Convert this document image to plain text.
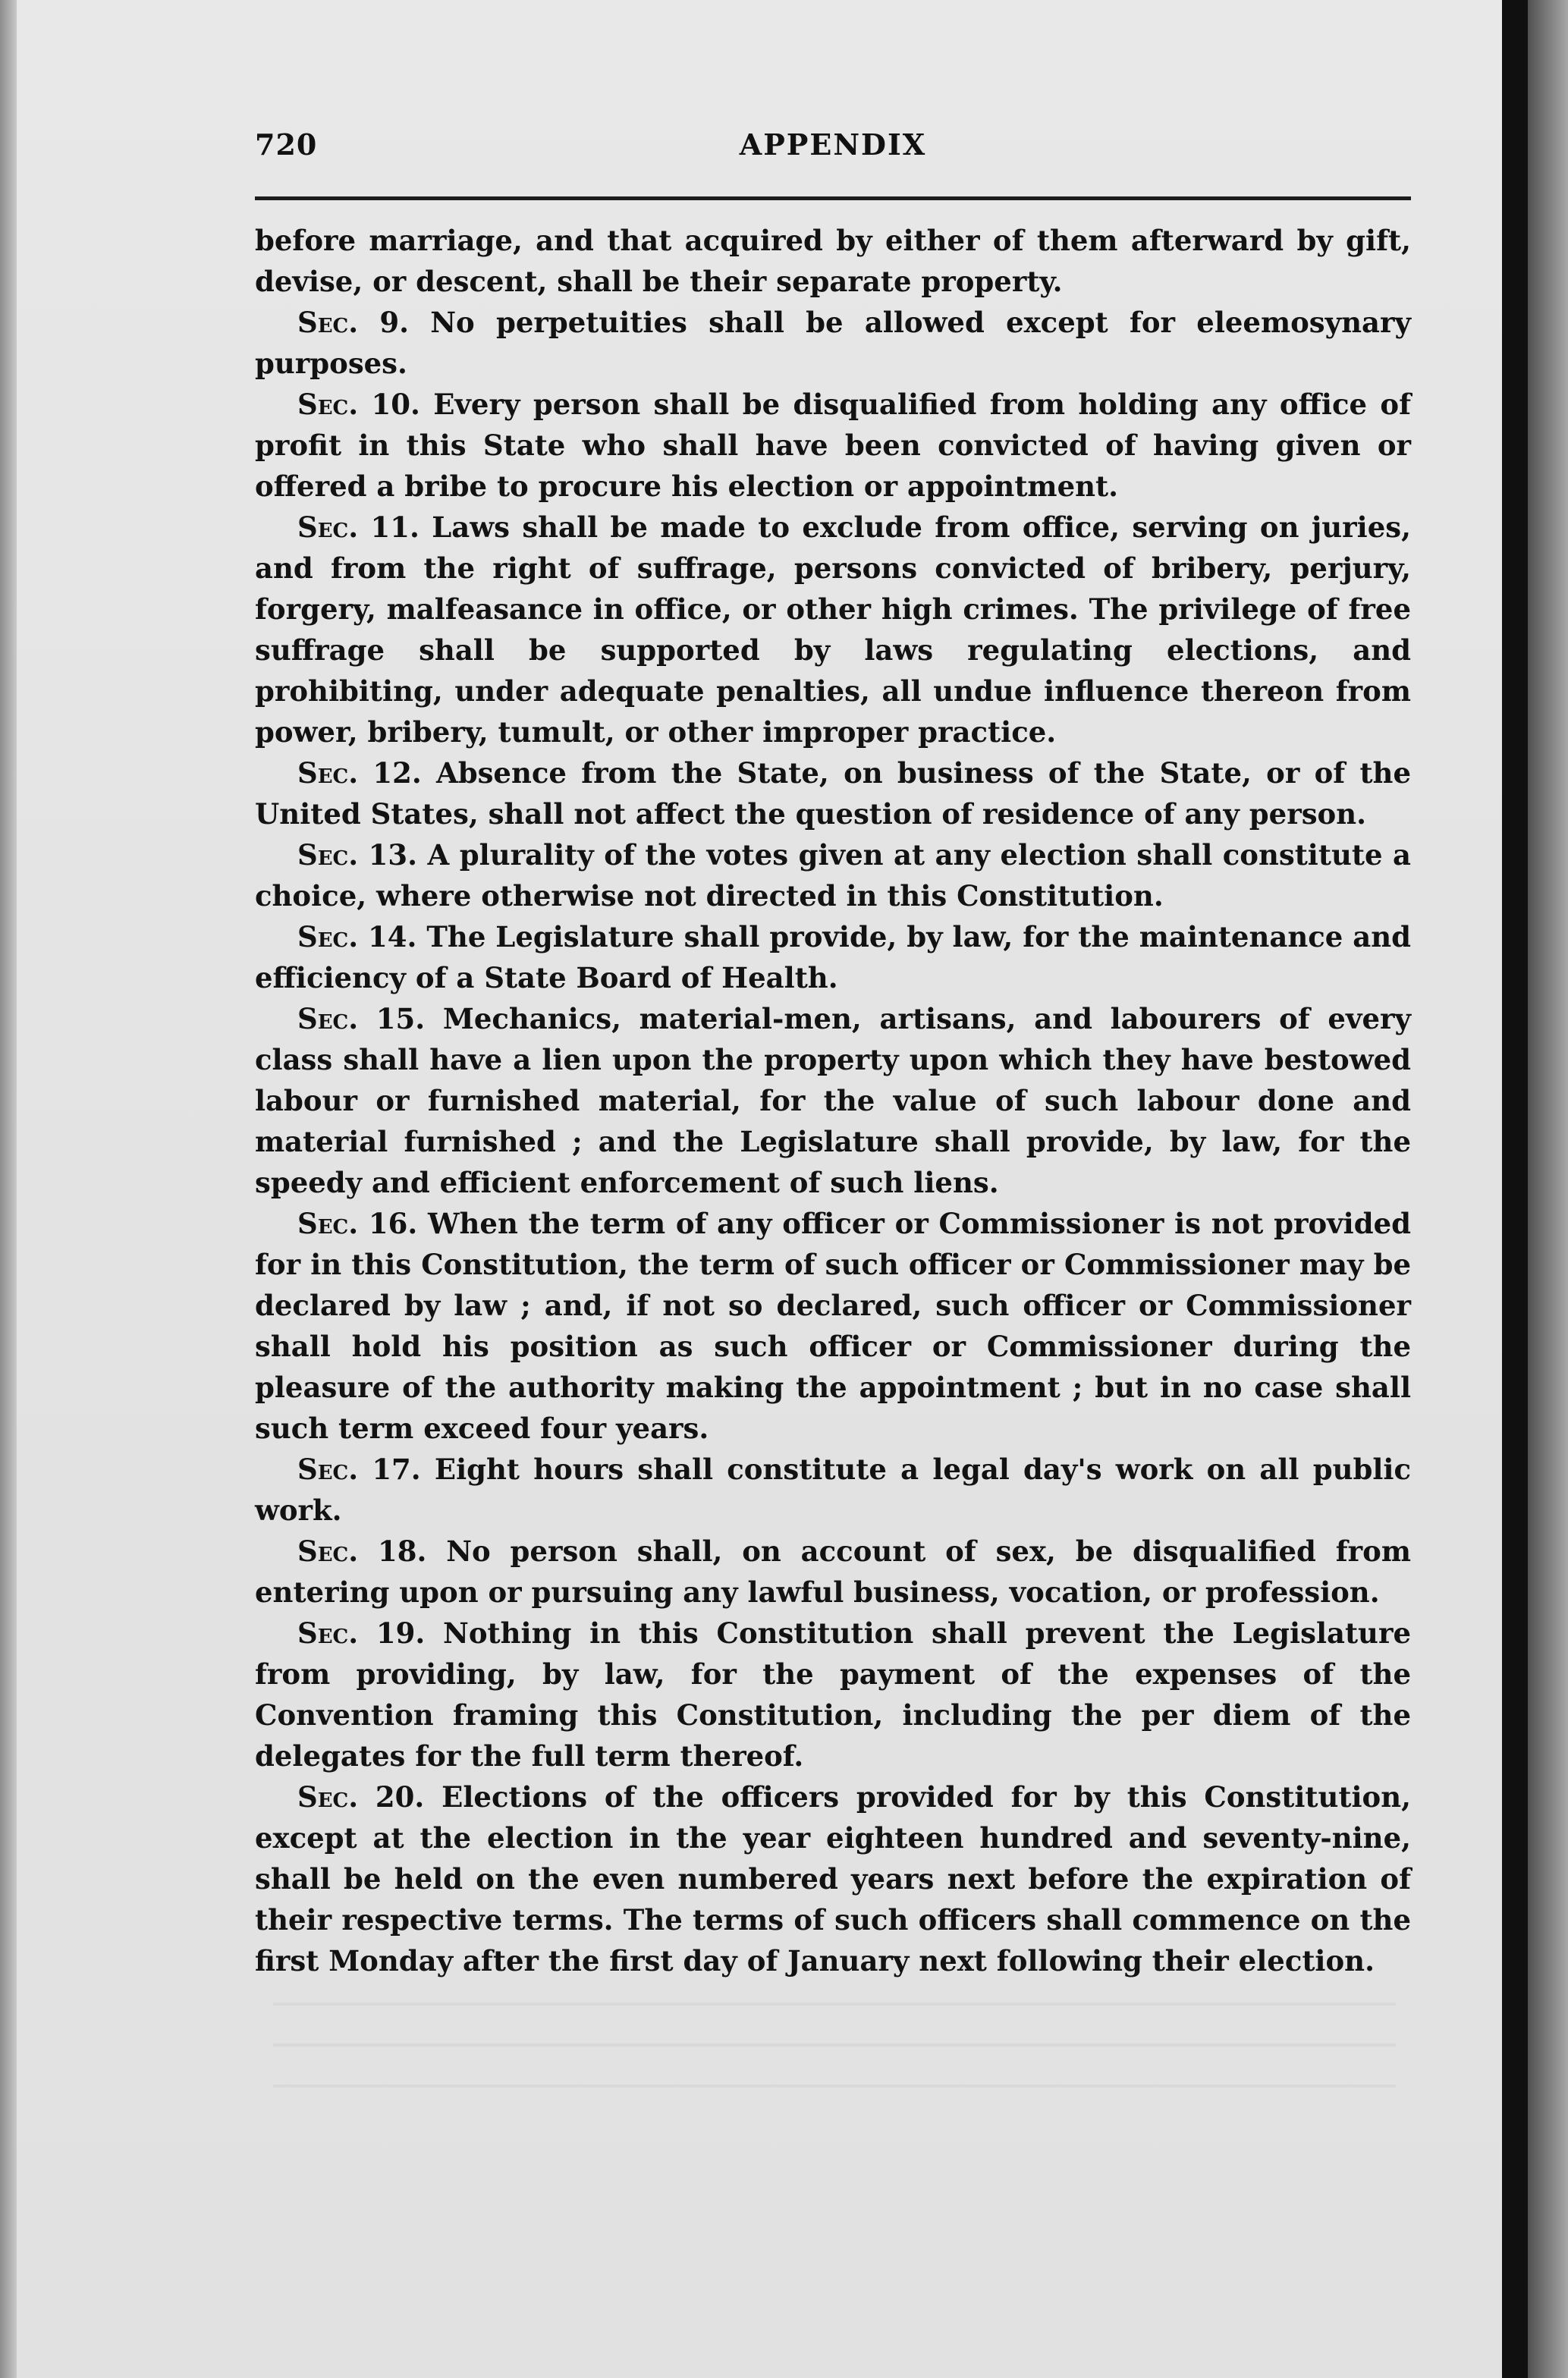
720	APPENDIX

before marriage, and that acquired by either of them afterward by gift, devise, or descent, shall be their separate property.

Sec. 9. No perpetuities shall be allowed except for eleemosynary purposes.

Sec. 10. Every person shall be disqualified from holding any office of profit in this State who shall have been convicted of having given or offered a bribe to procure his election or appointment.

Sec. 11. Laws shall be made to exclude from office, serving on juries, and from the right of suffrage, persons convicted of bribery, perjury, forgery, malfeasance in office, or other high crimes. The privilege of free suffrage shall be supported by laws regulating elections, and prohibiting, under adequate penalties, all undue influence thereon from power, bribery, tumult, or other improper practice.

Sec. 12. Absence from the State, on business of the State, or of the United States, shall not affect the question of residence of any person.

Sec. 13. A plurality of the votes given at any election shall constitute a choice, where otherwise not directed in this Constitution.

Sec. 14. The Legislature shall provide, by law, for the maintenance and efficiency of a State Board of Health.

Sec. 15. Mechanics, material-men, artisans, and labourers of every class shall have a lien upon the property upon which they have bestowed labour or furnished material, for the value of such labour done and material furnished ; and the Legislature shall provide, by law, for the speedy and efficient enforcement of such liens.

Sec. 16. When the term of any officer or Commissioner is not provided for in this Constitution, the term of such officer or Commissioner may be declared by law ; and, if not so declared, such officer or Commissioner shall hold his position as such officer or Commissioner during the pleasure of the authority making the appointment ; but in no case shall such term exceed four years.

Sec. 17. Eight hours shall constitute a legal day's work on all public work.

Sec. 18. No person shall, on account of sex, be disqualified from entering upon or pursuing any lawful business, vocation, or profession.

Sec. 19. Nothing in this Constitution shall prevent the Legislature from providing, by law, for the payment of the expenses of the Convention framing this Constitution, including the per diem of the delegates for the full term thereof.

Sec. 20. Elections of the officers provided for by this Constitution, except at the election in the year eighteen hundred and seventy-nine, shall be held on the even numbered years next before the expiration of their respective terms. The terms of such officers shall commence on the first Monday after the first day of January next following their election.
